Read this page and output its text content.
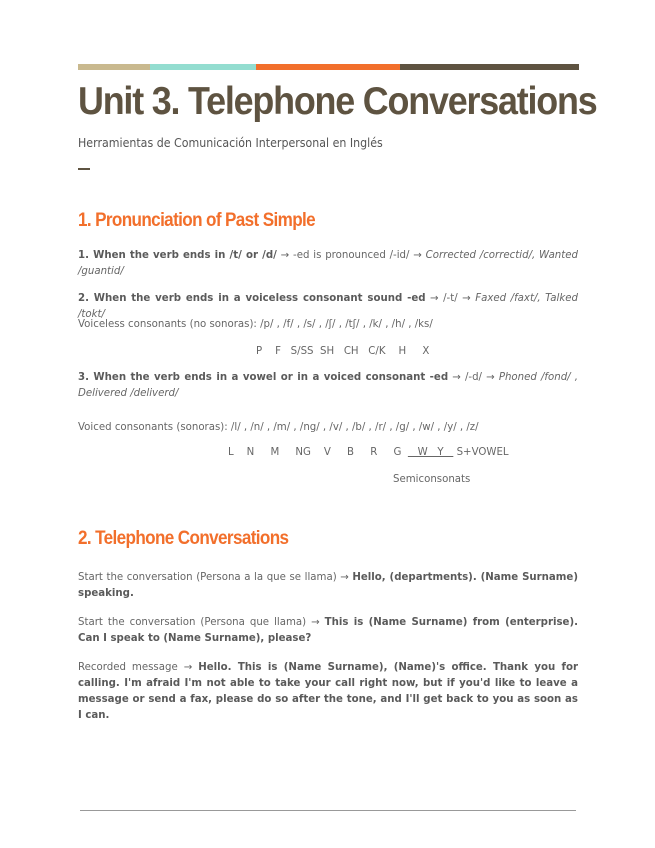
Unit 3. Telephone Conversations

Herramientas de Comunicación Interpersonal en Inglés

1. Pronunciation of Past Simple

1. When the verb ends in /t/ or /d/ → -ed is pronounced /-id/ → Corrected /correctid/, Wanted /guantid/

2. When the verb ends in a voiceless consonant sound -ed → /-t/ → Faxed /faxt/, Talked /tokt/

Voiceless consonants (no sonoras): /p/ , /f/ , /s/ , /ʃ/ , /tʃ/ , /k/ , /h/ , /ks/

P    F   S/SS  SH   CH   C/K    H     X

3. When the verb ends in a vowel or in a voiced consonant -ed → /-d/ → Phoned /fond/ , Delivered /deliverd/

Voiced consonants (sonoras): /l/ , /n/ , /m/ , /ng/ , /v/ , /b/ , /r/ , /g/ , /w/ , /y/ , /z/

L    N     M     NG    V     B     R     G     W   Y    S+VOWEL

Semiconsonats

2. Telephone Conversations

Start the conversation (Persona a la que se llama) → Hello, (departments). (Name Surname) speaking.

Start the conversation (Persona que llama) → This is (Name Surname) from (enterprise). Can I speak to (Name Surname), please?

Recorded message → Hello. This is (Name Surname), (Name)'s office. Thank you for calling. I'm afraid I'm not able to take your call right now, but if you'd like to leave a message or send a fax, please do so after the tone, and I'll get back to you as soon as I can.
